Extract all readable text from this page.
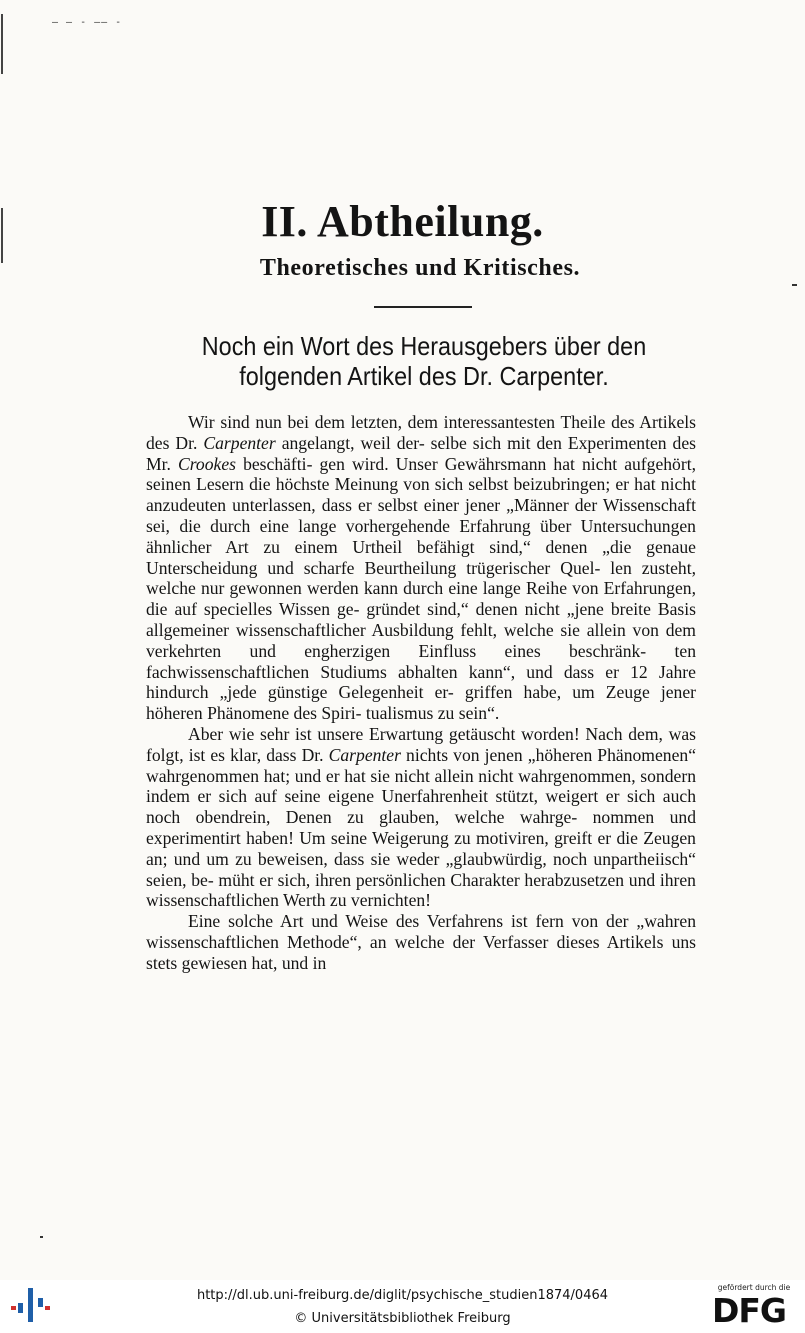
— — - —— -
II. Abtheilung.
Theoretisches und Kritisches.
Noch ein Wort des Herausgebers über den
folgenden Artikel des Dr. Carpenter.

Wir sind nun bei dem letzten, dem interessantesten Theile des Artikels des Dr. Carpenter angelangt, weil der- selbe sich mit den Experimenten des Mr. Crookes beschäfti- gen wird. Unser Gewährsmann hat nicht aufgehört, seinen Lesern die höchste Meinung von sich selbst beizubringen; er hat nicht anzudeuten unterlassen, dass er selbst einer jener „Männer der Wissenschaft sei, die durch eine lange vorhergehende Erfahrung über Untersuchungen ähnlicher Art zu einem Urtheil befähigt sind,“ denen „die genaue Unterscheidung und scharfe Beurtheilung trügerischer Quel- len zusteht, welche nur gewonnen werden kann durch eine lange Reihe von Erfahrungen, die auf specielles Wissen ge- gründet sind,“ denen nicht „jene breite Basis allgemeiner wissenschaftlicher Ausbildung fehlt, welche sie allein von dem verkehrten und engherzigen Einfluss eines beschränk- ten fachwissenschaftlichen Studiums abhalten kann“, und dass er 12 Jahre hindurch „jede günstige Gelegenheit er- griffen habe, um Zeuge jener höheren Phänomene des Spiri- tualismus zu sein“.

Aber wie sehr ist unsere Erwartung getäuscht worden! Nach dem, was folgt, ist es klar, dass Dr. Carpenter nichts von jenen „höheren Phänomenen“ wahrgenommen hat; und er hat sie nicht allein nicht wahrgenommen, sondern indem er sich auf seine eigene Unerfahrenheit stützt, weigert er sich auch noch obendrein, Denen zu glauben, welche wahrge- nommen und experimentirt haben! Um seine Weigerung zu motiviren, greift er die Zeugen an; und um zu beweisen, dass sie weder „glaubwürdig, noch unpartheiisch“ seien, be- müht er sich, ihren persönlichen Charakter herabzusetzen und ihren wissenschaftlichen Werth zu vernichten!

Eine solche Art und Weise des Verfahrens ist fern von der „wahren wissenschaftlichen Methode“, an welche der Verfasser dieses Artikels uns stets gewiesen hat, und in

http://dl.ub.uni-freiburg.de/diglit/psychische_studien1874/0464
© Universitätsbibliothek Freiburg
gefördert durch die
DFG
